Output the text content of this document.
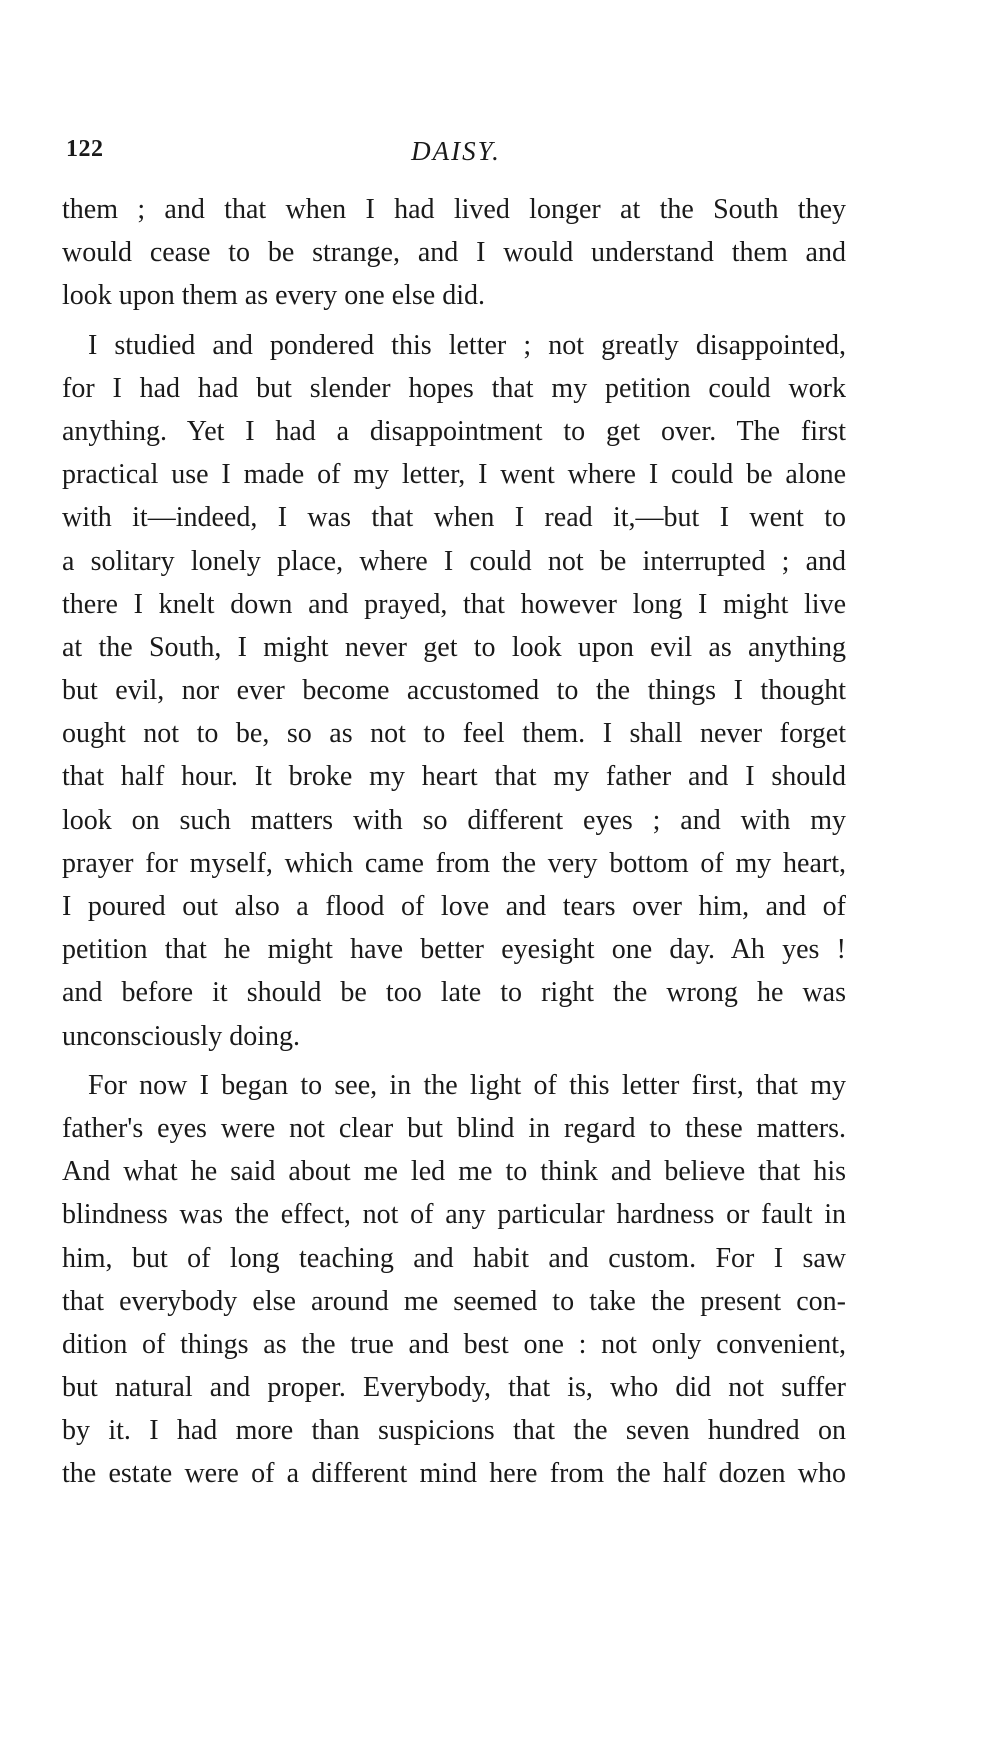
122	DAISY.
them ; and that when I had lived longer at the South they
would cease to be strange, and I would understand them and
look upon them as every one else did.
I studied and pondered this letter ; not greatly disappointed,
for I had had but slender hopes that my petition could work
anything. Yet I had a disappointment to get over. The first
practical use I made of my letter, I went where I could be alone
with it—indeed, I was that when I read it,—but I went to
a solitary lonely place, where I could not be interrupted ; and
there I knelt down and prayed, that however long I might live
at the South, I might never get to look upon evil as anything
but evil, nor ever become accustomed to the things I thought
ought not to be, so as not to feel them. I shall never forget
that half hour. It broke my heart that my father and I should
look on such matters with so different eyes ; and with my
prayer for myself, which came from the very bottom of my heart,
I poured out also a flood of love and tears over him, and of
petition that he might have better eyesight one day. Ah yes !
and before it should be too late to right the wrong he was
unconsciously doing.
For now I began to see, in the light of this letter first, that my
father's eyes were not clear but blind in regard to these matters.
And what he said about me led me to think and believe that his
blindness was the effect, not of any particular hardness or fault in
him, but of long teaching and habit and custom. For I saw
that everybody else around me seemed to take the present con-
dition of things as the true and best one : not only convenient,
but natural and proper. Everybody, that is, who did not suffer
by it. I had more than suspicions that the seven hundred on
the estate were of a different mind here from the half dozen who
